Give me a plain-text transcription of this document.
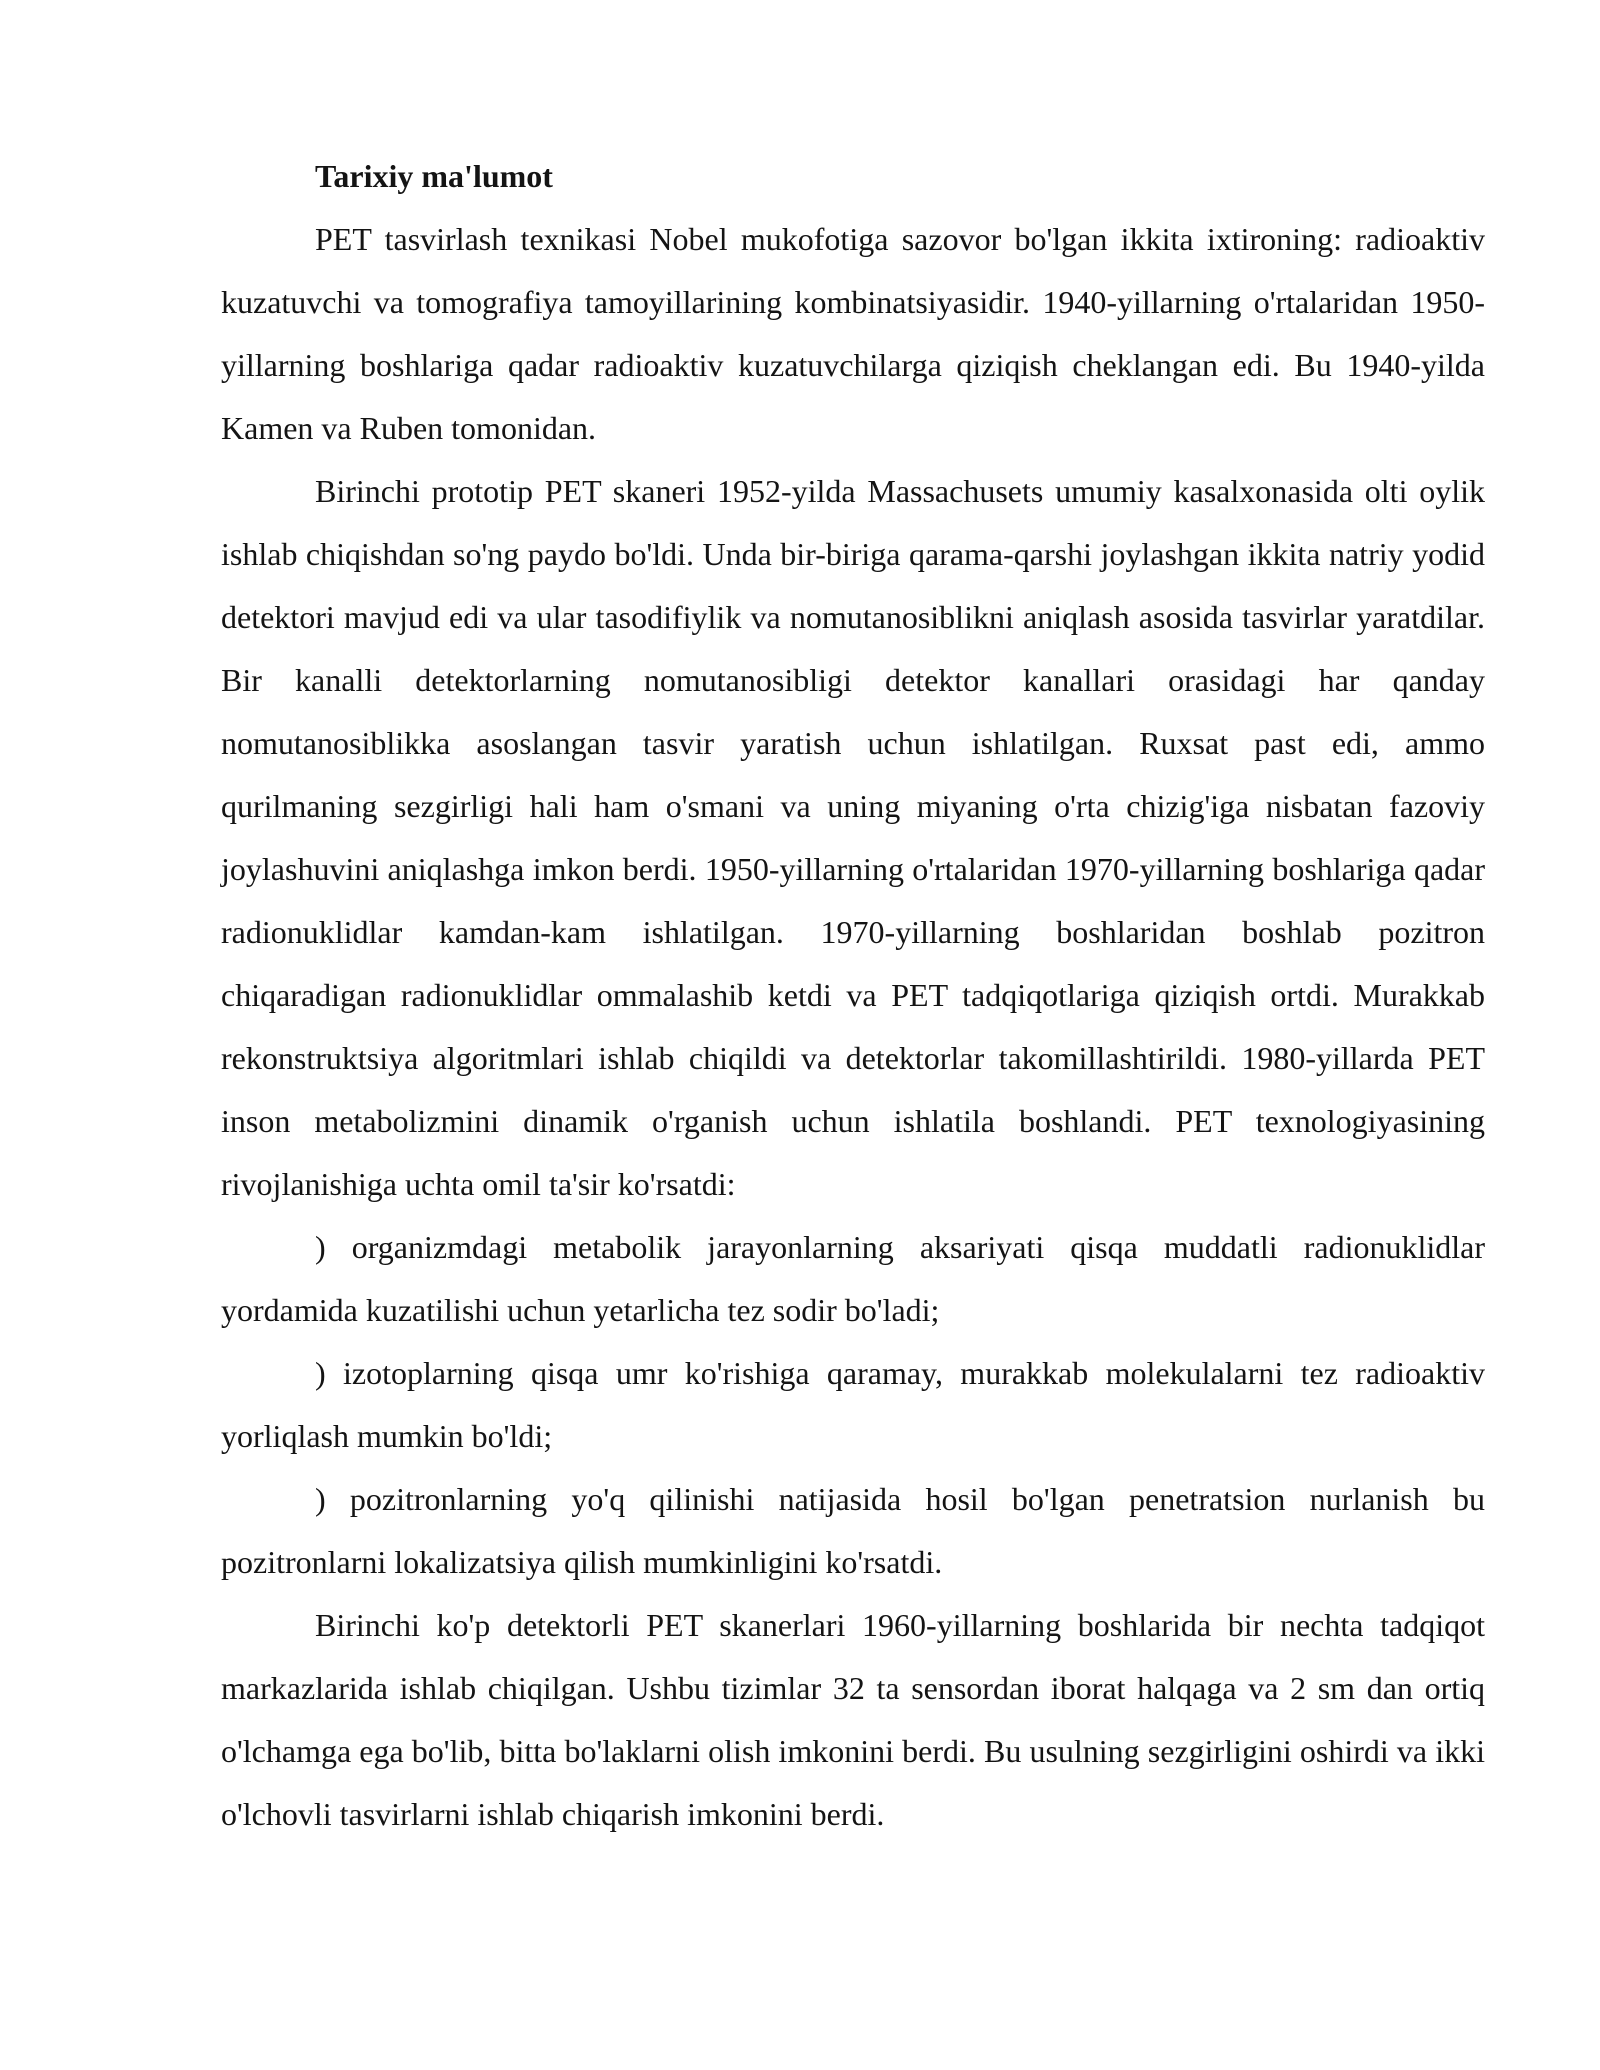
Tarixiy ma'lumot

PET tasvirlash texnikasi Nobel mukofotiga sazovor bo'lgan ikkita ixtironing: radioaktiv kuzatuvchi va tomografiya tamoyillarining kombinatsiyasidir. 1940-yillarning o'rtalaridan 1950-yillarning boshlariga qadar radioaktiv kuzatuvchilarga qiziqish cheklangan edi. Bu 1940-yilda Kamen va Ruben tomonidan.

Birinchi prototip PET skaneri 1952-yilda Massachusets umumiy kasalxonasida olti oylik ishlab chiqishdan so'ng paydo bo'ldi. Unda bir-biriga qarama-qarshi joylashgan ikkita natriy yodid detektori mavjud edi va ular tasodifiylik va nomutanosiblikni aniqlash asosida tasvirlar yaratdilar. Bir kanalli detektorlarning nomutanosibligi detektor kanallari orasidagi har qanday nomutanosiblikka asoslangan tasvir yaratish uchun ishlatilgan. Ruxsat past edi, ammo qurilmaning sezgirligi hali ham o'smani va uning miyaning o'rta chizig'iga nisbatan fazoviy joylashuvini aniqlashga imkon berdi. 1950-yillarning o'rtalaridan 1970-yillarning boshlariga qadar radionuklidlar kamdan-kam ishlatilgan. 1970-yillarning boshlaridan boshlab pozitron chiqaradigan radionuklidlar ommalashib ketdi va PET tadqiqotlariga qiziqish ortdi. Murakkab rekonstruktsiya algoritmlari ishlab chiqildi va detektorlar takomillashtirildi. 1980-yillarda PET inson metabolizmini dinamik o'rganish uchun ishlatila boshlandi. PET texnologiyasining rivojlanishiga uchta omil ta'sir ko'rsatdi:

) organizmdagi metabolik jarayonlarning aksariyati qisqa muddatli radionuklidlar yordamida kuzatilishi uchun yetarlicha tez sodir bo'ladi;

) izotoplarning qisqa umr ko'rishiga qaramay, murakkab molekulalarni tez radioaktiv yorliqlash mumkin bo'ldi;

) pozitronlarning yo'q qilinishi natijasida hosil bo'lgan penetratsion nurlanish bu pozitronlarni lokalizatsiya qilish mumkinligini ko'rsatdi.

Birinchi ko'p detektorli PET skanerlari 1960-yillarning boshlarida bir nechta tadqiqot markazlarida ishlab chiqilgan. Ushbu tizimlar 32 ta sensordan iborat halqaga va 2 sm dan ortiq o'lchamga ega bo'lib, bitta bo'laklarni olish imkonini berdi. Bu usulning sezgirligini oshirdi va ikki o'lchovli tasvirlarni ishlab chiqarish imkonini berdi.
